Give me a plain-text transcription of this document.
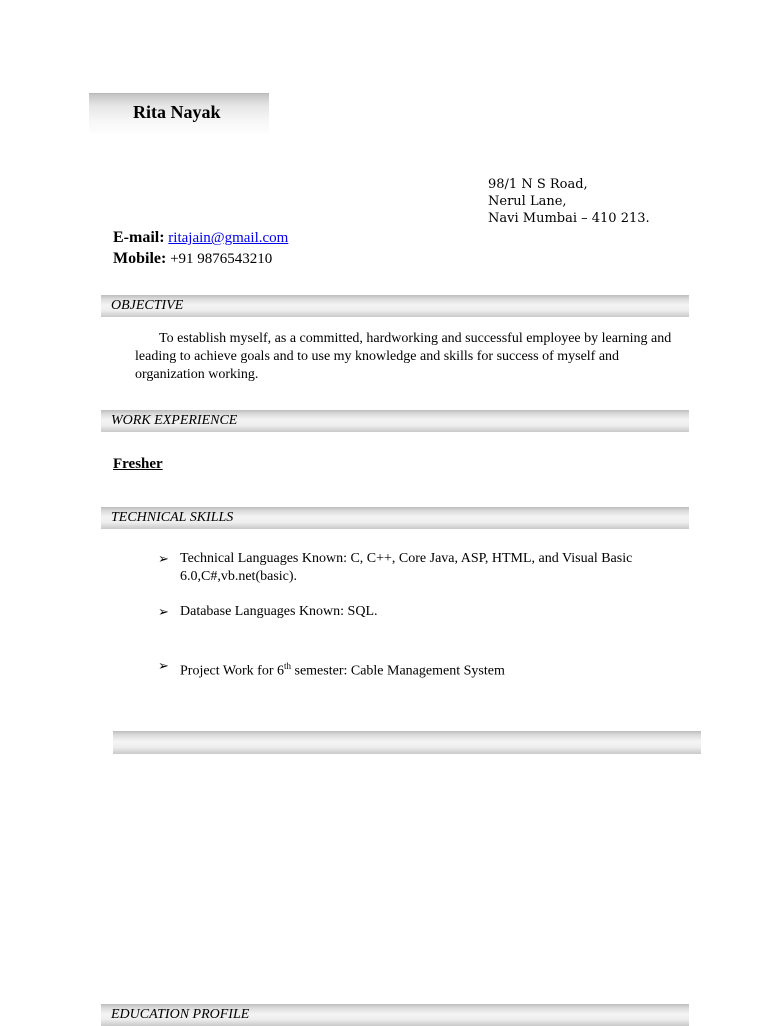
Rita Nayak
98/1 N S Road,
Nerul Lane,
Navi Mumbai – 410 213.
E-mail: ritajain@gmail.com
Mobile: +91 9876543210
OBJECTIVE
To establish myself, as a committed, hardworking and successful employee by learning and leading to achieve goals and to use my knowledge and skills for success of myself and organization working.
WORK EXPERIENCE
Fresher
TECHNICAL SKILLS
➢ Technical Languages Known: C, C++, Core Java, ASP, HTML, and Visual Basic 6.0,C#,vb.net(basic).
➢ Database Languages Known: SQL.
➢ Project Work for 6th semester: Cable Management System
EDUCATION PROFILE
